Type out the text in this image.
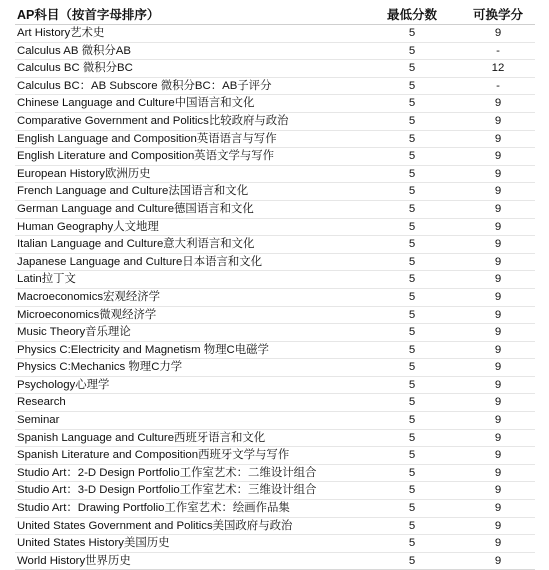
AP科目（按首字母排序）	最低分数	可换学分
Art History艺术史	5	9
Calculus AB 微积分AB	5	-
Calculus BC 微积分BC	5	12
Calculus BC：AB Subscore 微积分BC：AB子评分	5	-
Chinese Language and Culture中国语言和文化	5	9
Comparative Government and Politics比较政府与政治	5	9
English Language and Composition英语语言与写作	5	9
English Literature and Composition英语文学与写作	5	9
European History欧洲历史	5	9
French Language and Culture法国语言和文化	5	9
German Language and Culture德国语言和文化	5	9
Human Geography人文地理	5	9
Italian Language and Culture意大利语言和文化	5	9
Japanese Language and Culture日本语言和文化	5	9
Latin拉丁文	5	9
Macroeconomics宏观经济学	5	9
Microeconomics微观经济学	5	9
Music Theory音乐理论	5	9
Physics C:Electricity and Magnetism 物理C电磁学	5	9
Physics C:Mechanics 物理C力学	5	9
Psychology心理学	5	9
Research	5	9
Seminar	5	9
Spanish Language and Culture西班牙语言和文化	5	9
Spanish Literature and Composition西班牙文学与写作	5	9
Studio Art：2-D Design Portfolio工作室艺术：二维设计组合	5	9
Studio Art：3-D Design Portfolio工作室艺术：三维设计组合	5	9
Studio Art：Drawing Portfolio工作室艺术：绘画作品集	5	9
United States Government and Politics美国政府与政治	5	9
United States History美国历史	5	9
World History世界历史	5	9
